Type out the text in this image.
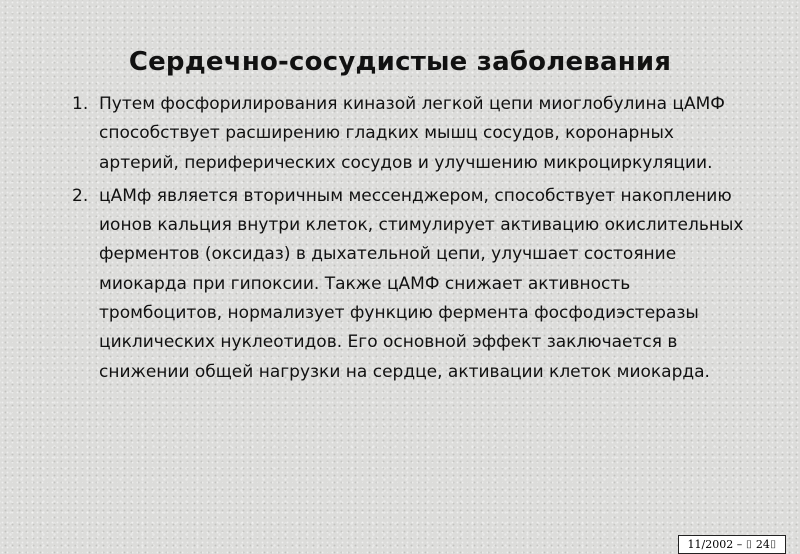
Сердечно-сосудистые заболевания
1. Путем фосфорилирования киназой легкой цепи миоглобулина цАМФ способствует расширению гладких мышц сосудов, коронарных артерий, периферических сосудов и улучшению микроциркуляции.
2. цАМф является вторичным мессенджером, способствует накоплению ионов кальция внутри клеток, стимулирует активацию окислительных ферментов (оксидаз) в дыхательной цепи, улучшает состояние миокарда при гипоксии. Также цАМФ снижает активность тромбоцитов, нормализует функцию фермента фосфодиэстеразы циклических нуклеотидов. Его основной эффект заключается в снижении общей нагрузки на сердце, активации клеток миокарда.
11/2002 – ⌷ 24⌷
